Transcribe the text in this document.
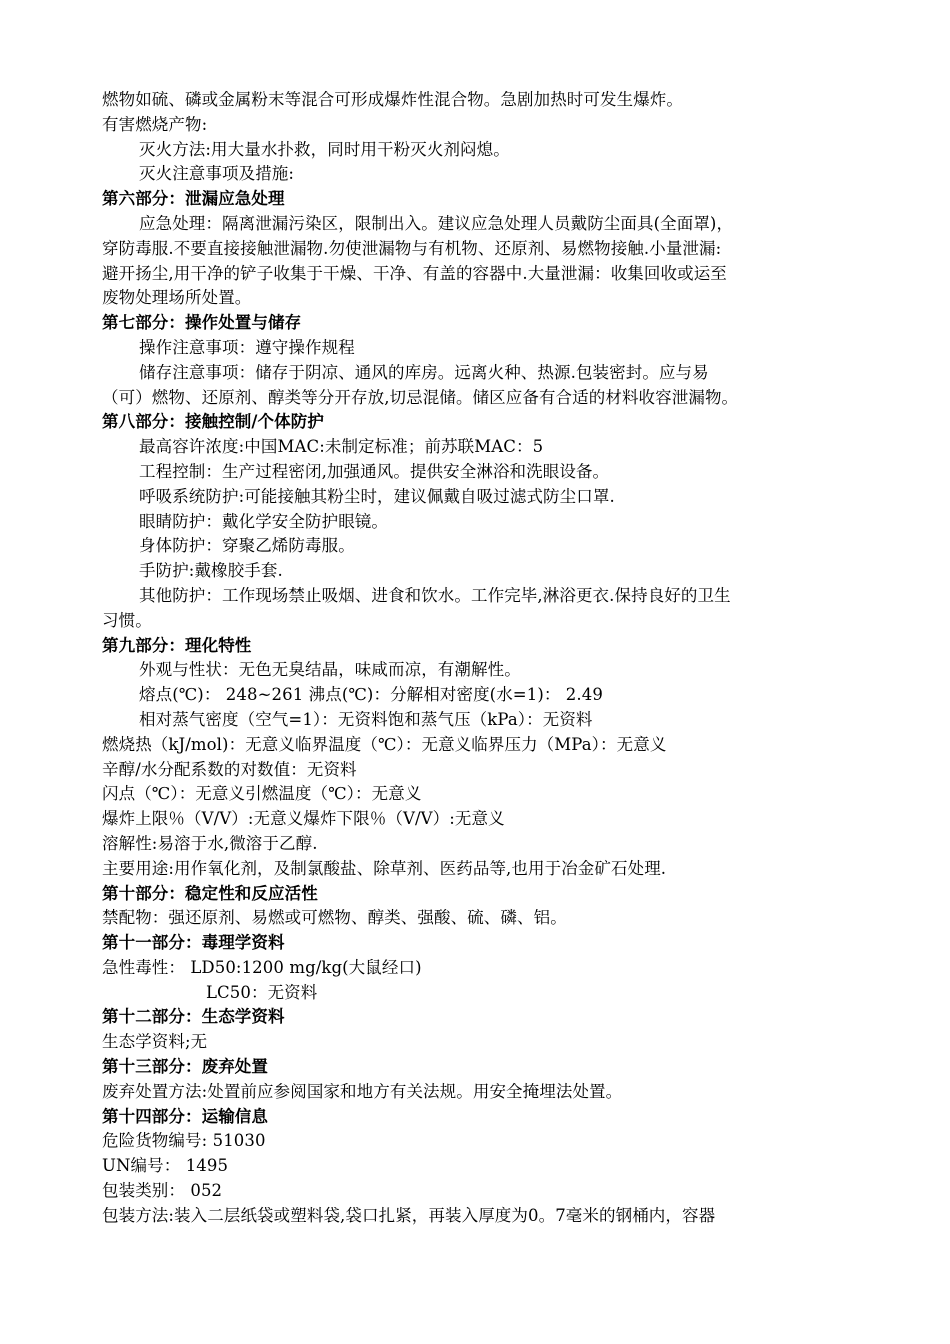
燃物如硫、磷或金属粉末等混合可形成爆炸性混合物。急剧加热时可发生爆炸。
有害燃烧产物:
灭火方法:用大量水扑救，同时用干粉灭火剂闷熄。
灭火注意事项及措施:
第六部分：泄漏应急处理
应急处理：隔离泄漏污染区，限制出入。建议应急处理人员戴防尘面具(全面罩)，
穿防毒服.不要直接接触泄漏物.勿使泄漏物与有机物、还原剂、易燃物接触.小量泄漏:
避开扬尘,用干净的铲子收集于干燥、干净、有盖的容器中.大量泄漏：收集回收或运至
废物处理场所处置。
第七部分：操作处置与储存
操作注意事项：遵守操作规程
储存注意事项：储存于阴凉、通风的库房。远离火种、热源.包装密封。应与易
（可）燃物、还原剂、醇类等分开存放,切忌混储。储区应备有合适的材料收容泄漏物。
第八部分：接触控制/个体防护
最高容许浓度:中国MAC:未制定标准；前苏联MAC：5
工程控制：生产过程密闭,加强通风。提供安全淋浴和洗眼设备。
呼吸系统防护:可能接触其粉尘时，建议佩戴自吸过滤式防尘口罩.
眼睛防护：戴化学安全防护眼镜。
身体防护：穿聚乙烯防毒服。
手防护:戴橡胶手套.
其他防护：工作现场禁止吸烟、进食和饮水。工作完毕,淋浴更衣.保持良好的卫生
习惯。
第九部分：理化特性
外观与性状：无色无臭结晶，味咸而凉，有潮解性。
熔点(℃)： 248~261 沸点(℃)：分解相对密度(水=1)： 2.49
相对蒸气密度（空气=1）：无资料饱和蒸气压（kPa）：无资料
燃烧热（kJ/mol)：无意义临界温度（℃）：无意义临界压力（MPa）：无意义
辛醇/水分配系数的对数值：无资料
闪点（℃）：无意义引燃温度（℃）：无意义
爆炸上限％（V/V）:无意义爆炸下限％（V/V）:无意义
溶解性:易溶于水,微溶于乙醇.
主要用途:用作氧化剂，及制氯酸盐、除草剂、医药品等,也用于冶金矿石处理.
第十部分：稳定性和反应活性
禁配物：强还原剂、易燃或可燃物、醇类、强酸、硫、磷、铝。
第十一部分：毒理学资料
急性毒性： LD50:1200 mg/kg(大鼠经口)
LC50：无资料
第十二部分：生态学资料
生态学资料;无
第十三部分：废弃处置
废弃处置方法:处置前应参阅国家和地方有关法规。用安全掩埋法处置。
第十四部分：运输信息
危险货物编号: 51030
UN编号： 1495
包装类别： 052
包装方法:装入二层纸袋或塑料袋,袋口扎紧，再装入厚度为0。7毫米的钢桶内，容器
